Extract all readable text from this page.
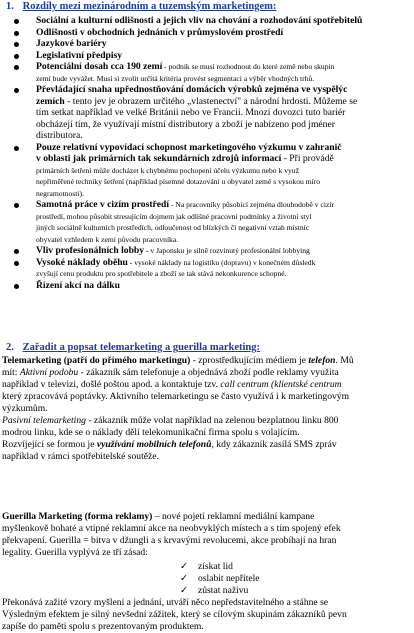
1. Rozdíly mezi mezinárodním a tuzemským marketingem:
Sociální a kulturní odlišnosti a jejich vliv na chování a rozhodování spotřebitelů
Odlišnosti v obchodních jednáních v průmyslovém prostředí
Jazykové bariéry
Legislativní předpisy
Potenciální dosah cca 190 zemí - podnik se musí rozhodnout do které země nebo skupin
zemí bude vyvážet. Musí si zvolit určitá kritéria provést segmentaci a výběr vhodných trhů.
Převládající snaha upřednostňování domácích výrobků zejména ve vyspělýc
zemích - tento jev je obrazem určitého „vlastenectví" a národní hrdosti. Můžeme se
tím setkat například ve velké Británii nebo ve Francii. Mnozí dovozci tuto bariér
obcházejí tím, že využívají místní distributory a zboží je nabízeno pod jméner
distributora.
Pouze relativní vypovídací schopnost marketingového výzkumu v zahranič
v oblasti jak primárních tak sekundárních zdrojů informací - Při provádě
primárních šetření může docházet k chybnému pochopení účelu výzkumu nebo k využ
nepřiměřené techniky šetření (například písemné dotazování u obyvatel země s vysokou míro
negramotnosti).
Samotná práce v cizím prostředí - Na pracovníky působící zejména dlouhodobě v cizír
prostředí, mohou působit stresujícím dojmem jak odlišné pracovní podmínky a životní styl
jiných sociálně kulturních prostředích, odloučenost od blízkých či negativní vztah místníc
obyvatel vzhledem k zemi původu pracovníka.
Vliv profesionálních lobby - v Japonsku je silně rozvinutý profesionální lobbying
Vysoké náklady oběhu - vysoké náklady na logistiku (dopravu) v konečném důsledk
zvyšují cenu produktu pro spotřebitele a zboží se tak stává nekonkurence schopné.
Řízení akcí na dálku
2. Zařadit a popsat telemarketing a guerilla marketing:
Telemarketing (patří do přímého marketingu) - zprostředkujícím médiem je telefon. Mů
mít: Aktivní podobu - zákazník sám telefonuje a objednává zboží podle reklamy využita
například v televizi, došlé poštou apod. a kontaktuje tzv. call centrum (klientské centrum
který zpracovává poptávky. Aktivního telemarketingu se často využívá i k marketingovým
výzkumům.
Pasivní telemarketing - zákazník může volat například na zelenou bezplatnou linku 800
modrou linku, kde se o náklady dělí telekomunikační firma spolu s volajícím.
Rozvíjející se formou je využívání mobilních telefonů, kdy zákazník zasílá SMS zpráv
například v rámci spotřebitelské soutěže.
Guerilla Marketing (forma reklamy) – nové pojetí reklamní mediální kampane
myšlenkově bohaté a vtipné reklamní akce na neobvyklých místech a s tím spojený efek
překvapení. Guerilla = bitva v džungli a s krvavými revolucemi, akce probíhají na hran
legality. Guerilla vyplývá ze tří zásad:
✓ získat lid
✓ oslabit nepřítele
✓ zůstat naživu
Překonává zažité vzory myšlení a jednání, utváří něco nepředstavitelného a stáhne se
Výsledným efektem je silný nevšední zážitek, který se cílovým skupinám zákazníků pevn
zapíše do paměti spolu s prezentovaným produktem.
